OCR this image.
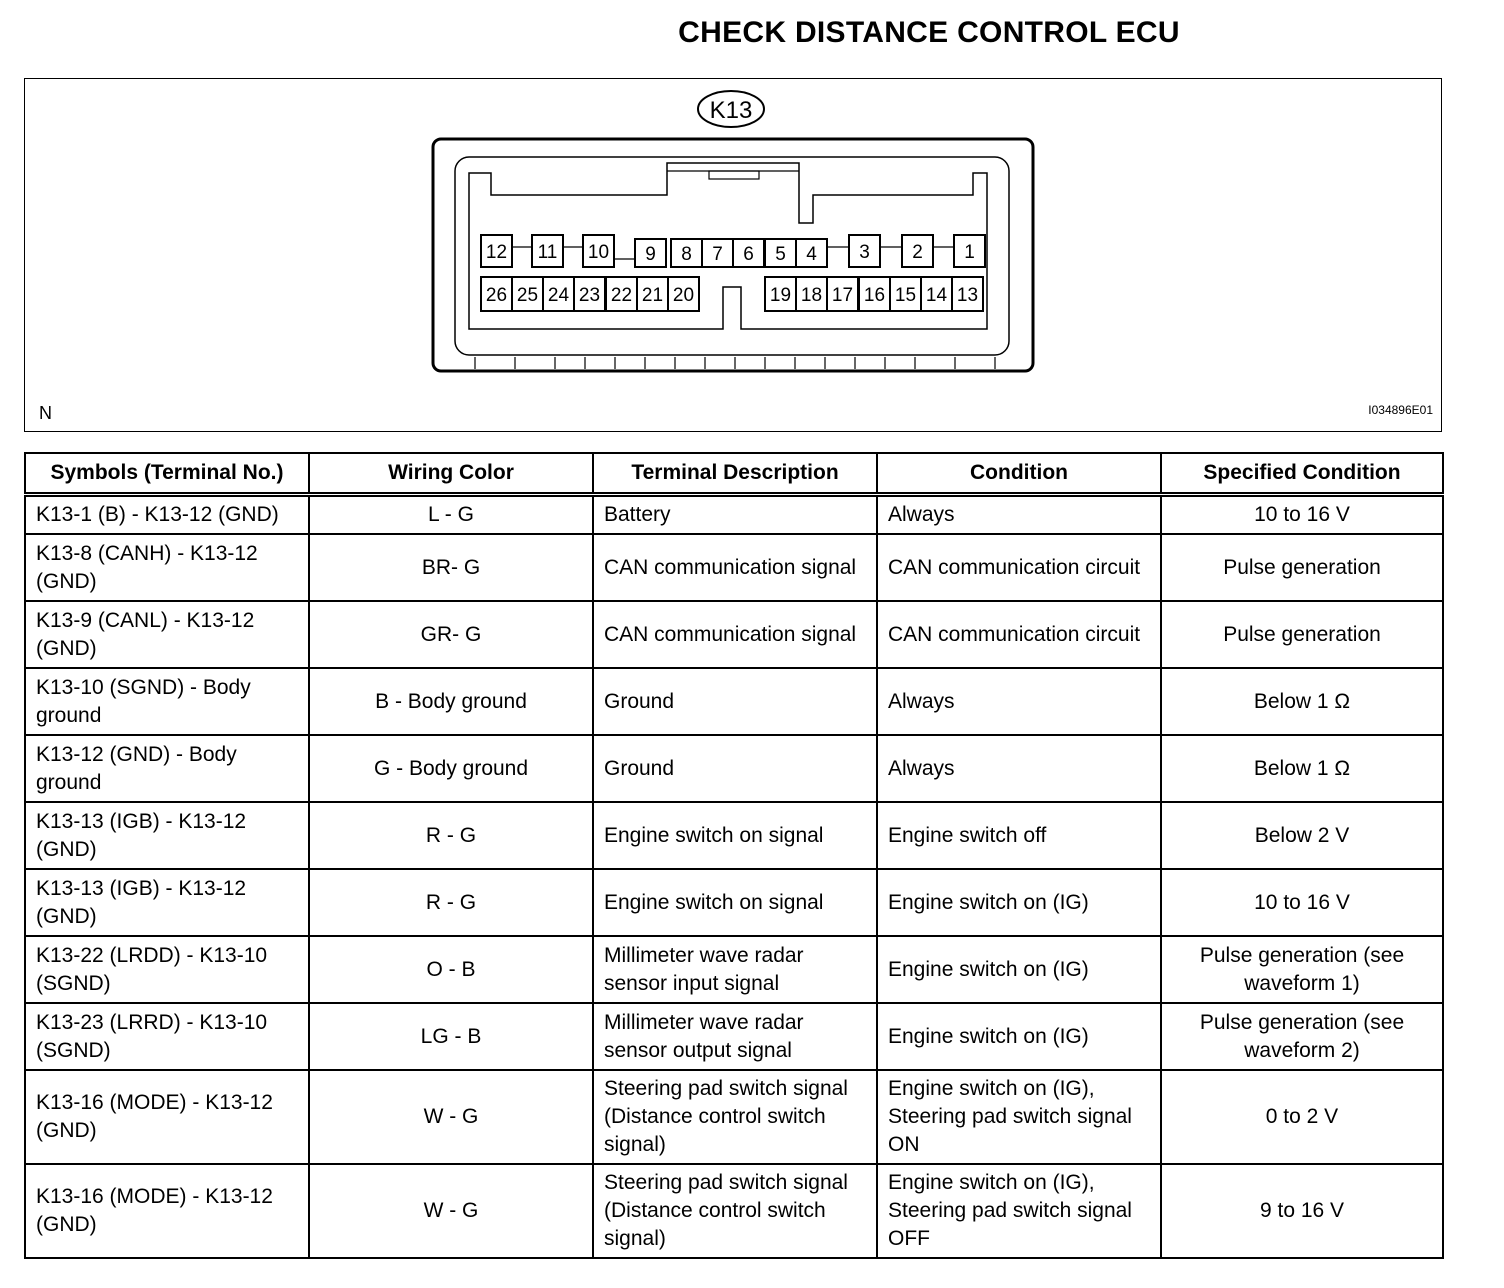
CHECK DISTANCE CONTROL ECU
K13
12 11 10 9 8 7 6 5 4 3 2 1
26 25 24 23 22 21 20	19 18 17 16 15 14 13
N	I034896E01
Symbols (Terminal No.)	Wiring Color	Terminal Description	Condition	Specified Condition
K13-1 (B) - K13-12 (GND)	L - G	Battery	Always	10 to 16 V
K13-8 (CANH) - K13-12 (GND)	BR- G	CAN communication signal	CAN communication circuit	Pulse generation
K13-9 (CANL) - K13-12 (GND)	GR- G	CAN communication signal	CAN communication circuit	Pulse generation
K13-10 (SGND) - Body ground	B - Body ground	Ground	Always	Below 1 Ω
K13-12 (GND) - Body ground	G - Body ground	Ground	Always	Below 1 Ω
K13-13 (IGB) - K13-12 (GND)	R - G	Engine switch on signal	Engine switch off	Below 2 V
K13-13 (IGB) - K13-12 (GND)	R - G	Engine switch on signal	Engine switch on (IG)	10 to 16 V
K13-22 (LRDD) - K13-10 (SGND)	O - B	Millimeter wave radar sensor input signal	Engine switch on (IG)	Pulse generation (see waveform 1)
K13-23 (LRRD) - K13-10 (SGND)	LG - B	Millimeter wave radar sensor output signal	Engine switch on (IG)	Pulse generation (see waveform 2)
K13-16 (MODE) - K13-12 (GND)	W - G	Steering pad switch signal (Distance control switch signal)	Engine switch on (IG), Steering pad switch signal ON	0 to 2 V
K13-16 (MODE) - K13-12 (GND)	W - G	Steering pad switch signal (Distance control switch signal)	Engine switch on (IG), Steering pad switch signal OFF	9 to 16 V
